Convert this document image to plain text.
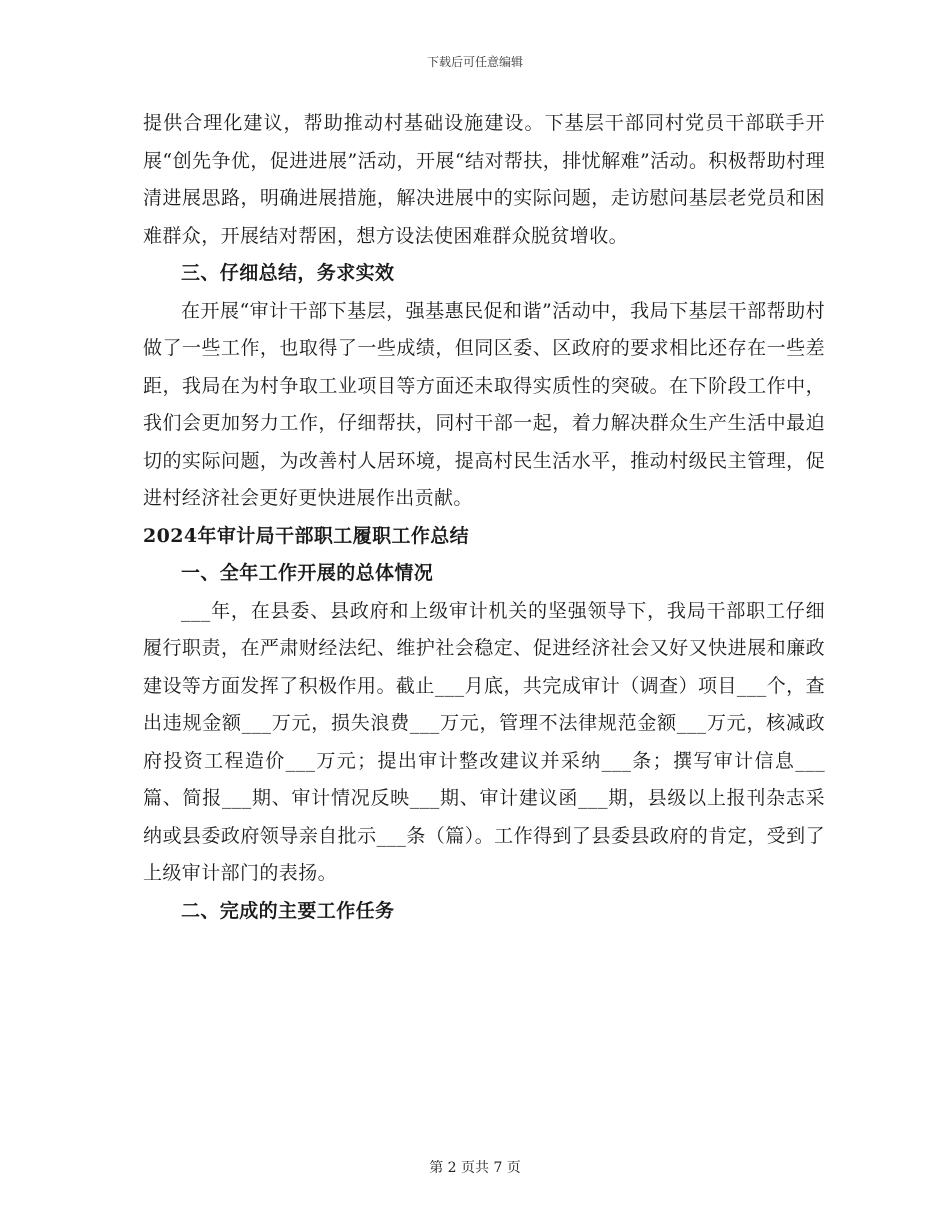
下载后可任意编辑

提供合理化建议，帮助推动村基础设施建设。下基层干部同村党员干部联手开展“创先争优，促进进展”活动，开展“结对帮扶，排忧解难”活动。积极帮助村理清进展思路，明确进展措施，解决进展中的实际问题，走访慰问基层老党员和困难群众，开展结对帮困，想方设法使困难群众脱贫增收。

三、仔细总结，务求实效

在开展“审计干部下基层，强基惠民促和谐”活动中，我局下基层干部帮助村做了一些工作，也取得了一些成绩，但同区委、区政府的要求相比还存在一些差距，我局在为村争取工业项目等方面还未取得实质性的突破。在下阶段工作中，我们会更加努力工作，仔细帮扶，同村干部一起，着力解决群众生产生活中最迫切的实际问题，为改善村人居环境，提高村民生活水平，推动村级民主管理，促进村经济社会更好更快进展作出贡献。

2024年审计局干部职工履职工作总结

一、全年工作开展的总体情况

___年，在县委、县政府和上级审计机关的坚强领导下，我局干部职工仔细履行职责，在严肃财经法纪、维护社会稳定、促进经济社会又好又快进展和廉政建设等方面发挥了积极作用。截止___月底，共完成审计（调查）项目___个，查出违规金额___万元，损失浪费___万元，管理不法律规范金额___万元，核减政府投资工程造价___万元；提出审计整改建议并采纳___条；撰写审计信息___篇、简报___期、审计情况反映___期、审计建议函___期，县级以上报刊杂志采纳或县委政府领导亲自批示___条（篇）。工作得到了县委县政府的肯定，受到了上级审计部门的表扬。

二、完成的主要工作任务

第 2 页共 7 页
